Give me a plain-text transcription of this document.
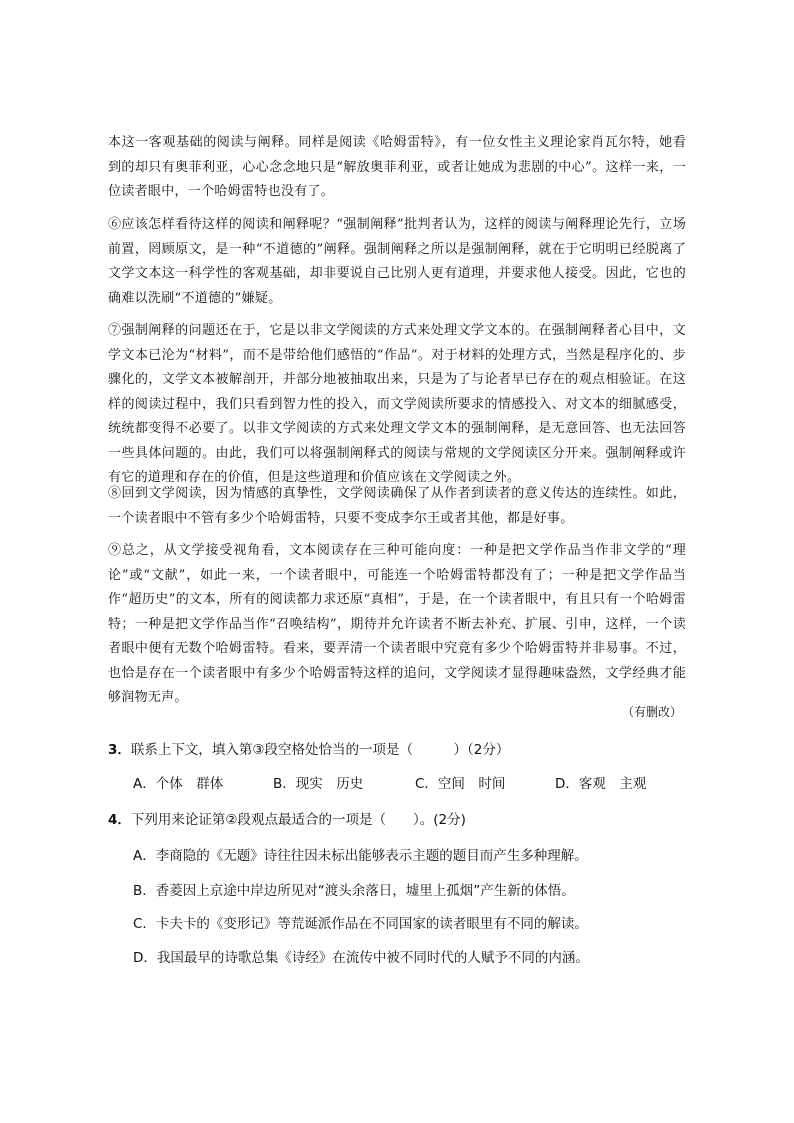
本这一客观基础的阅读与阐释。同样是阅读《哈姆雷特》，有一位女性主义理论家肖瓦尔特，她看到的却只有奥菲利亚，心心念念地只是“解放奥菲利亚，或者让她成为悲剧的中心”。这样一来，一位读者眼中，一个哈姆雷特也没有了。

⑥应该怎样看待这样的阅读和阐释呢？“强制阐释”批判者认为，这样的阅读与阐释理论先行，立场前置，罔顾原文，是一种“不道德的”阐释。强制阐释之所以是强制阐释，就在于它明明已经脱离了文学文本这一科学性的客观基础，却非要说自己比别人更有道理，并要求他人接受。因此，它也的确难以洗刷“不道德的”嫌疑。

⑦强制阐释的问题还在于，它是以非文学阅读的方式来处理文学文本的。在强制阐释者心目中，文学文本已沦为“材料”，而不是带给他们感悟的“作品”。对于材料的处理方式，当然是程序化的、步骤化的，文学文本被解剖开，并部分地被抽取出来，只是为了与论者早已存在的观点相验证。在这样的阅读过程中，我们只看到智力性的投入，而文学阅读所要求的情感投入、对文本的细腻感受，统统都变得不必要了。以非文学阅读的方式来处理文学文本的强制阐释，是无意回答、也无法回答一些具体问题的。由此，我们可以将强制阐释式的阅读与常规的文学阅读区分开来。强制阐释或许有它的道理和存在的价值，但是这些道理和价值应该在文学阅读之外。

⑧回到文学阅读，因为情感的真挚性，文学阅读确保了从作者到读者的意义传达的连续性。如此，一个读者眼中不管有多少个哈姆雷特，只要不变成李尔王或者其他，都是好事。

⑨总之，从文学接受视角看，文本阅读存在三种可能向度：一种是把文学作品当作非文学的“理论”或“文献”，如此一来，一个读者眼中，可能连一个哈姆雷特都没有了；一种是把文学作品当作“超历史”的文本，所有的阅读都力求还原“真相”，于是，在一个读者眼中，有且只有一个哈姆雷特；一种是把文学作品当作“召唤结构”，期待并允许读者不断去补充、扩展、引申，这样，一个读者眼中便有无数个哈姆雷特。看来，要弄清一个读者眼中究竟有多少个哈姆雷特并非易事。不过，也恰是存在一个读者眼中有多少个哈姆雷特这样的追问，文学阅读才显得趣味盎然，文学经典才能够润物无声。

（有删改）

3．联系上下文，填入第③段空格处恰当的一项是（　　　）（2分）

A．个体　群体	B．现实　历史	C．空间　时间	D．客观　主观

4．下列用来论证第②段观点最适合的一项是（　　）。(2分)

A．李商隐的《无题》诗往往因未标出能够表示主题的题目而产生多种理解。

B．香菱因上京途中岸边所见对“渡头余落日，墟里上孤烟”产生新的体悟。

C．卡夫卡的《变形记》等荒诞派作品在不同国家的读者眼里有不同的解读。

D．我国最早的诗歌总集《诗经》在流传中被不同时代的人赋予不同的内涵。
